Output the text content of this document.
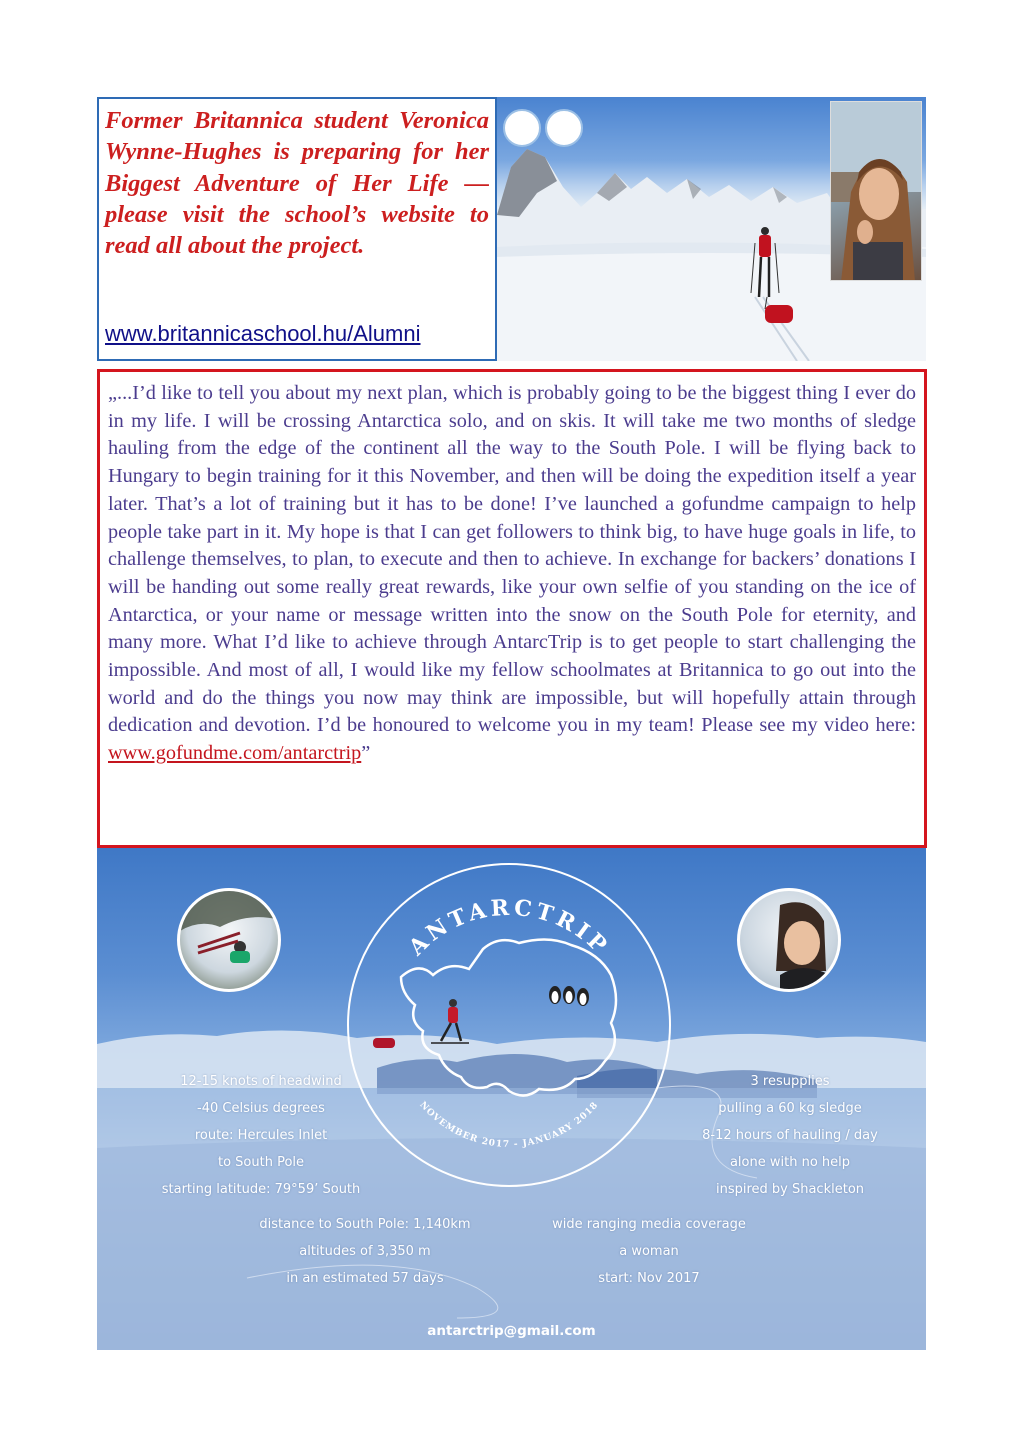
Former Britannica student Veronica Wynne-Hughes is preparing for her Biggest Adventure of Her Life —please visit the school’s website to read all about the project.

www.britannicaschool.hu/Alumni

„...I’d like to tell you about my next plan, which is probably going to be the biggest thing I ever do in my life. I will be crossing Antarctica solo, and on skis. It will take me two months of sledge hauling from the edge of the continent all the way to the South Pole. I will be flying back to Hungary to begin training for it this November, and then will be doing the expedition itself a year later. That’s a lot of training but it has to be done! I’ve launched a gofundme campaign to help people take part in it. My hope is that I can get followers to think big, to have huge goals in life, to challenge themselves, to plan, to execute and then to achieve. In exchange for backers’ donations I will be handing out some really great rewards, like your own selfie of you standing on the ice of Antarctica, or your name or message written into the snow on the South Pole for eternity, and many more. What I’d like to achieve through AntarcTrip is to get people to start challenging the impossible. And most of all, I would like my fellow schoolmates at Britannica to go out into the world and do the things you now may think are impossible, but will hopefully attain through dedication and devotion. I’d be honoured to welcome you in my team! Please see my video here: www.gofundme.com/antarctrip”

ANTARCTRIP
NOVEMBER 2017 - JANUARY 2018
12-15 knots of headwind
-40 Celsius degrees
route: Hercules Inlet
to South Pole
starting latitude: 79°59’ South
3 resupplies
pulling a 60 kg sledge
8-12 hours of hauling / day
alone with no help
inspired by Shackleton
distance to South Pole: 1,140km
altitudes of 3,350 m
in an estimated 57 days
wide ranging media coverage
a woman
start: Nov 2017
antarctrip@gmail.com
